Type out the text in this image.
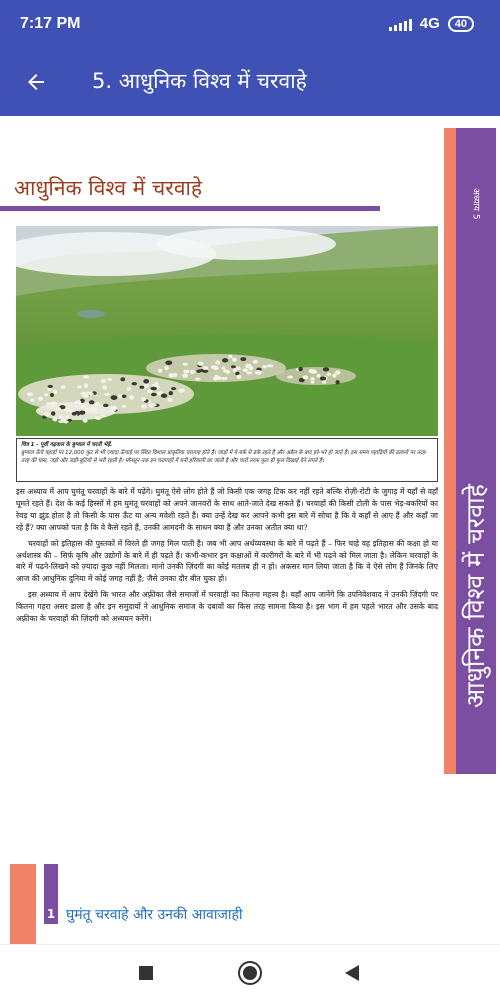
7:17 PM	4G	40
5. आधुनिक विश्व में चरवाहे
आधुनिक विश्व में चरवाहे
अध्याय 5
आधुनिक विश्व में चरवाहे
चित्र 1 - पूर्वी गढ़वाल के बुग्याल में चरती भेड़ें.
बुग्याल ऊँचे पहाड़ों पर 12,000 फुट से भी ज़्यादा ऊँचाई पर स्थित विशाल प्राकृतिक चरागाह होते हैं। जाड़ों में ये बर्फ़ से ढके रहते हैं और अप्रैल के बाद हरे-भरे हो जाते हैं। इस समय पहाड़ियों की ढलानों पर तरह-तरह की घास, जड़ों और जड़ी-बूटियों से भरी रहती है। मॉनसून तक इन चरागाहों में घनी हरियाली छा जाती है और चारों तरफ़ फूल ही फूल दिखाई देने लगते हैं।

इस अध्याय में आप घुमंतू चरवाहों के बारे में पढ़ेंगे। घुमंतू ऐसे लोग होते हैं जो किसी एक जगह टिक कर नहीं रहते बल्कि रोज़ी-रोटी के जुगाड़ में यहाँ से वहाँ घूमते रहते हैं। देश के कई हिस्सों में हम घुमंतू चरवाहों को अपने जानवरों के साथ आते-जाते देख सकते हैं। चरवाहों की किसी टोली के पास भेड़-बकरियों का रेवड़ या झुंड होता है तो किसी के पास ऊँट या अन्य मवेशी रहते हैं। क्या उन्हें देख कर आपने कभी इस बारे में सोचा है कि वे कहाँ से आए हैं और कहाँ जा रहे हैं? क्या आपको पता है कि वे कैसे रहते हैं, उनकी आमदनी के साधन क्या हैं और उनका अतीत क्या था?

चरवाहों को इतिहास की पुस्तकों में विरले ही जगह मिल पाती है। जब भी आप अर्थव्यवस्था के बारे में पढ़ते हैं – फिर चाहे वह इतिहास की कक्षा हो या अर्थशास्त्र की – सिर्फ़ कृषि और उद्योगों के बारे में ही पढ़ते हैं। कभी-कभार इन कक्षाओं में कारीगरों के बारे में भी पढ़ने को मिल जाता है। लेकिन चरवाहों के बारे में पढ़ने-लिखने को ज़्यादा कुछ नहीं मिलता। मानो उनकी ज़िंदगी का कोई मतलब ही न हो। अकसर मान लिया जाता है कि वे ऐसे लोग हैं जिनके लिए आज की आधुनिक दुनिया में कोई जगह नहीं है; जैसे उनका दौर बीत चुका हो।

इस अध्याय में आप देखेंगे कि भारत और अफ़्रीका जैसे समाजों में चरवाही का कितना महत्त्व है। यहाँ आप जानेंगे कि उपनिवेशवाद ने उनकी ज़िंदगी पर कितना गहरा असर डाला है और इन समुदायों ने आधुनिक समाज के दबावों का किस तरह सामना किया है। इस भाग में हम पहले भारत और उसके बाद अफ़्रीका के चरवाहों की ज़िंदगी को अध्ययन करेंगे।

1 घुमंतू चरवाहे और उनकी आवाजाही
